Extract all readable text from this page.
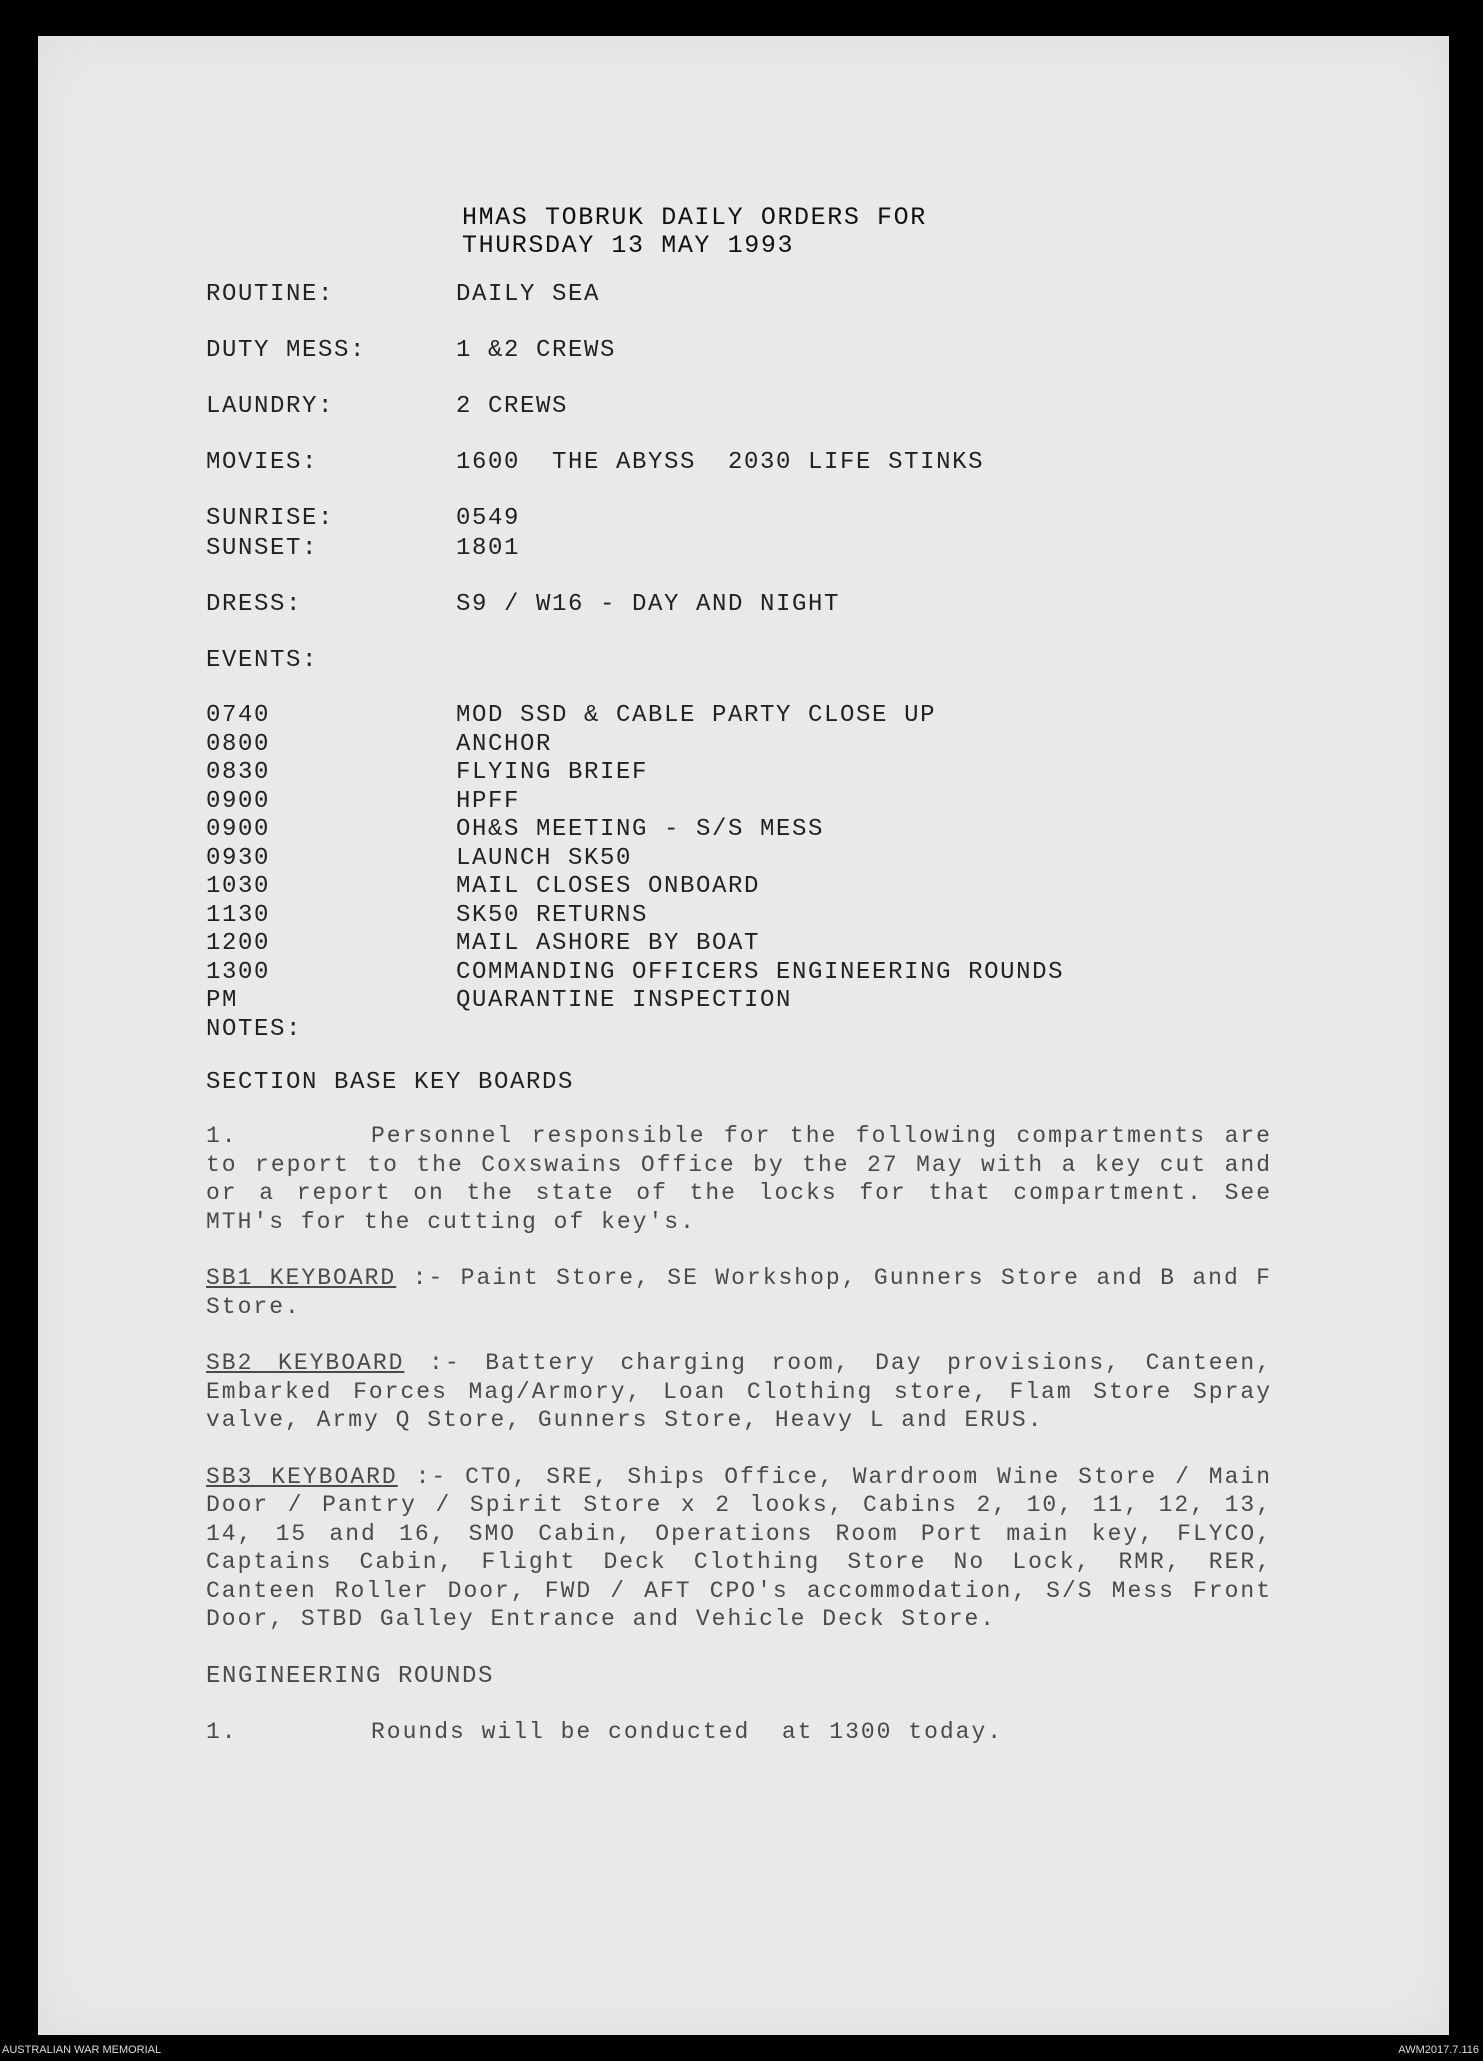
HMAS TOBRUK DAILY ORDERS FOR
THURSDAY 13 MAY 1993
ROUTINE:	DAILY SEA
DUTY MESS:	1 &2 CREWS
LAUNDRY:	2 CREWS
MOVIES:	1600  THE ABYSS  2030 LIFE STINKS
SUNRISE:	0549
SUNSET:	1801
DRESS:	S9 / W16 - DAY AND NIGHT
EVENTS:
0740	MOD SSD & CABLE PARTY CLOSE UP
0800	ANCHOR
0830	FLYING BRIEF
0900	HPFF
0900	OH&S MEETING - S/S MESS
0930	LAUNCH SK50
1030	MAIL CLOSES ONBOARD
1130	SK50 RETURNS
1200	MAIL ASHORE BY BOAT
1300	COMMANDING OFFICERS ENGINEERING ROUNDS
PM	QUARANTINE INSPECTION
NOTES:
SECTION BASE KEY BOARDS
1.	Personnel responsible for the following compartments are to report to the Coxswains Office by the 27 May with a key cut and or a report on the state of the locks for that compartment. See MTH's for the cutting of key's.
SB1 KEYBOARD :- Paint Store, SE Workshop, Gunners Store and B and F Store.
SB2 KEYBOARD :- Battery charging room, Day provisions, Canteen, Embarked Forces Mag/Armory, Loan Clothing store, Flam Store Spray valve, Army Q Store, Gunners Store, Heavy L and ERUS.
SB3 KEYBOARD :- CTO, SRE, Ships Office, Wardroom Wine Store / Main Door / Pantry / Spirit Store x 2 looks, Cabins 2, 10, 11, 12, 13, 14, 15 and 16, SMO Cabin, Operations Room Port main key, FLYCO, Captains Cabin, Flight Deck Clothing Store No Lock, RMR, RER, Canteen Roller Door, FWD / AFT CPO's accommodation, S/S Mess Front Door, STBD Galley Entrance and Vehicle Deck Store.
ENGINEERING ROUNDS
1.	Rounds will be conducted  at 1300 today.
AUSTRALIAN WAR MEMORIAL	AWM2017.7.116
